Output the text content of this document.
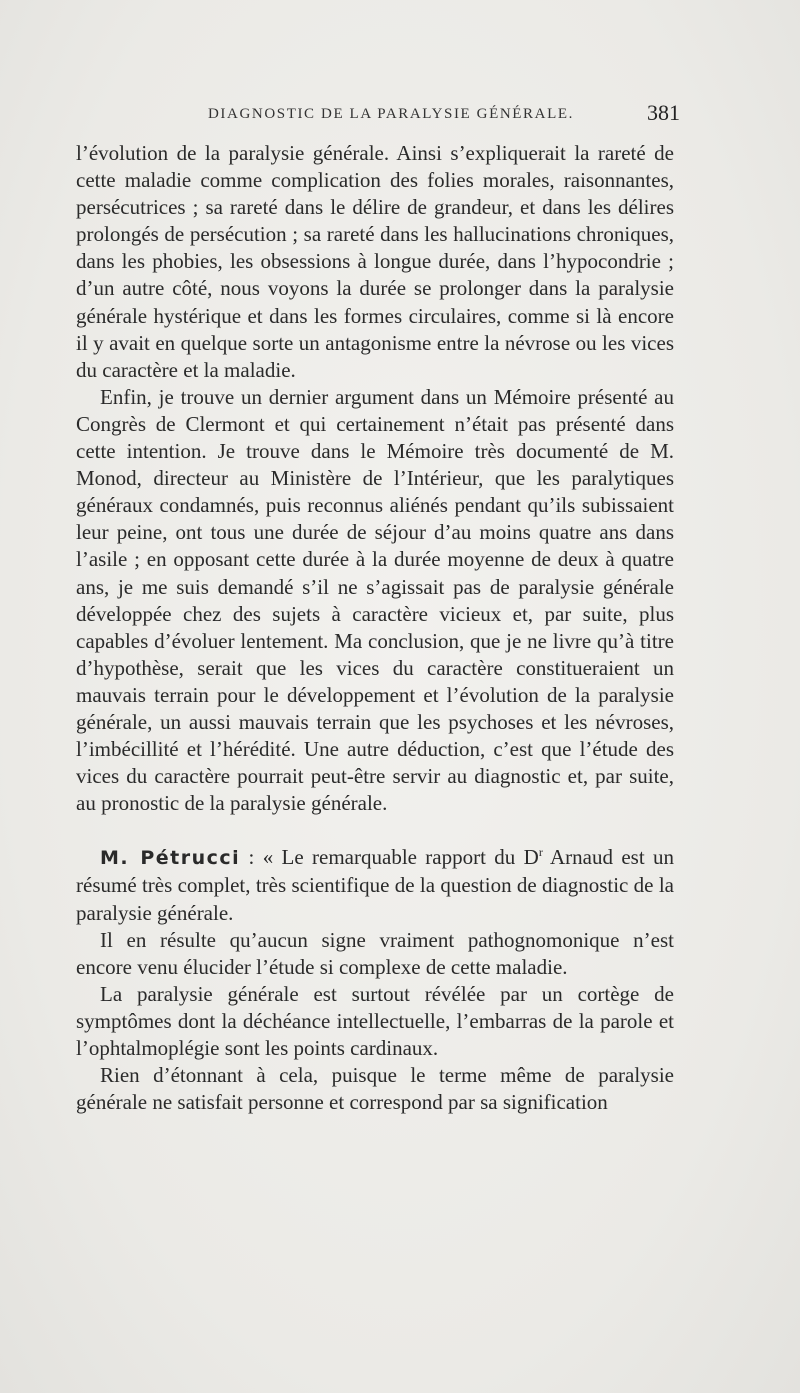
DIAGNOSTIC DE LA PARALYSIE GÉNÉRALE.	381

l’évolution de la paralysie générale. Ainsi s’expliquerait la rareté de cette maladie comme complication des folies morales, raisonnantes, persécutrices ; sa rareté dans le délire de grandeur, et dans les délires prolongés de persécution ; sa rareté dans les hallucinations chroniques, dans les phobies, les obsessions à longue durée, dans l’hypocondrie ; d’un autre côté, nous voyons la durée se prolonger dans la paralysie générale hystérique et dans les formes circulaires, comme si là encore il y avait en quelque sorte un antagonisme entre la névrose ou les vices du caractère et la maladie.

Enfin, je trouve un dernier argument dans un Mémoire présenté au Congrès de Clermont et qui certainement n’était pas présenté dans cette intention. Je trouve dans le Mémoire très documenté de M. Monod, directeur au Ministère de l’Intérieur, que les paralytiques généraux condamnés, puis reconnus aliénés pendant qu’ils subissaient leur peine, ont tous une durée de séjour d’au moins quatre ans dans l’asile ; en opposant cette durée à la durée moyenne de deux à quatre ans, je me suis demandé s’il ne s’agissait pas de paralysie générale développée chez des sujets à caractère vicieux et, par suite, plus capables d’évoluer lentement. Ma conclusion, que je ne livre qu’à titre d’hypothèse, serait que les vices du caractère constitueraient un mauvais terrain pour le développement et l’évolution de la paralysie générale, un aussi mauvais terrain que les psychoses et les névroses, l’imbécillité et l’hérédité. Une autre déduction, c’est que l’étude des vices du caractère pourrait peut-être servir au diagnostic et, par suite, au pronostic de la paralysie générale.

M. Pétrucci : « Le remarquable rapport du $D^r$ Arnaud est un résumé très complet, très scientifique de la question de diagnostic de la paralysie générale.

Il en résulte qu’aucun signe vraiment pathognomonique n’est encore venu élucider l’étude si complexe de cette maladie.

La paralysie générale est surtout révélée par un cortège de symptômes dont la déchéance intellectuelle, l’embarras de la parole et l’ophtalmoplégie sont les points cardinaux.

Rien d’étonnant à cela, puisque le terme même de paralysie générale ne satisfait personne et correspond par sa signification
